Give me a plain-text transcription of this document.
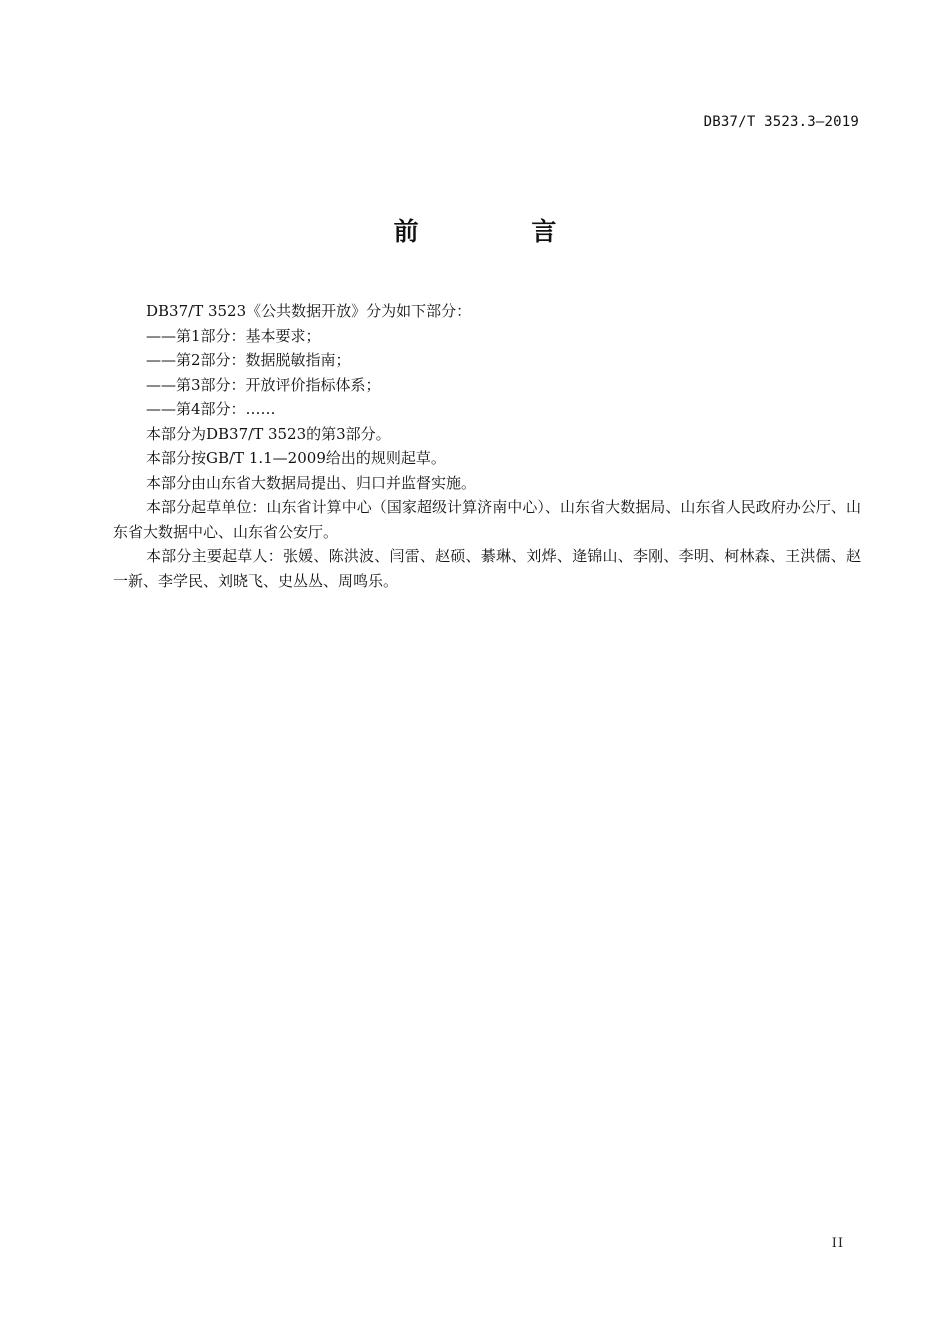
DB37/T 3523.3—2019
前 言

DB37/T 3523《公共数据开放》分为如下部分：

——第1部分：基本要求；

——第2部分：数据脱敏指南；

——第3部分：开放评价指标体系；

——第4部分：……

本部分为DB37/T 3523的第3部分。

本部分按GB/T 1.1—2009给出的规则起草。

本部分由山东省大数据局提出、归口并监督实施。

本部分起草单位：山东省计算中心（国家超级计算济南中心）、山东省大数据局、山东省人民政府办公厅、山东省大数据中心、山东省公安厅。

本部分主要起草人：张媛、陈洪波、闫雷、赵硕、綦琳、刘烨、逄锦山、李刚、李明、柯林森、王洪儒、赵一新、李学民、刘晓飞、史丛丛、周鸣乐。

II
